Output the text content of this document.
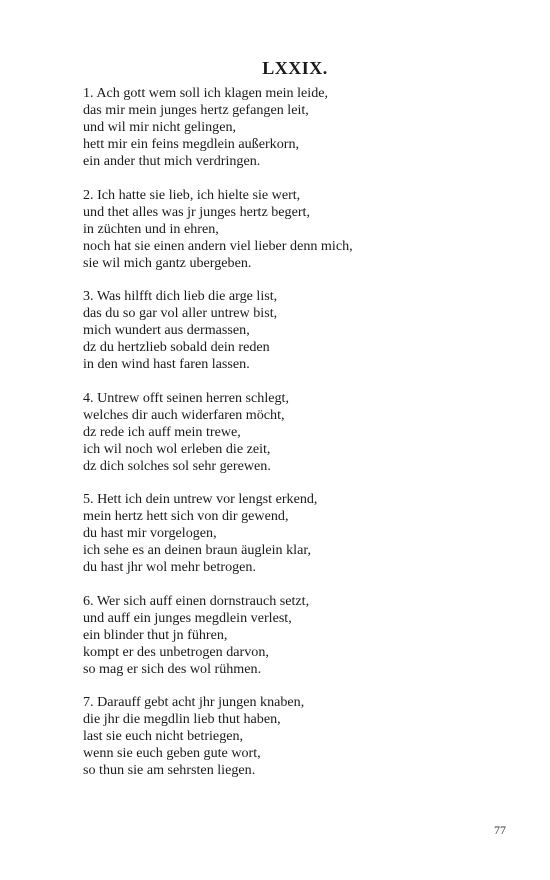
LXXIX.
1. Ach gott wem soll ich klagen mein leide,
das mir mein junges hertz gefangen leit,
und wil mir nicht gelingen,
hett mir ein feins megdlein außerkorn,
ein ander thut mich verdringen.
2. Ich hatte sie lieb, ich hielte sie wert,
und thet alles was jr junges hertz begert,
in züchten und in ehren,
noch hat sie einen andern viel lieber denn mich,
sie wil mich gantz ubergeben.
3. Was hilfft dich lieb die arge list,
das du so gar vol aller untrew bist,
mich wundert aus dermassen,
dz du hertzlieb sobald dein reden
in den wind hast faren lassen.
4. Untrew offt seinen herren schlegt,
welches dir auch widerfaren möcht,
dz rede ich auff mein trewe,
ich wil noch wol erleben die zeit,
dz dich solches sol sehr gerewen.
5. Hett ich dein untrew vor lengst erkend,
mein hertz hett sich von dir gewend,
du hast mir vorgelogen,
ich sehe es an deinen braun äuglein klar,
du hast jhr wol mehr betrogen.
6. Wer sich auff einen dornstrauch setzt,
und auff ein junges megdlein verlest,
ein blinder thut jn führen,
kompt er des unbetrogen darvon,
so mag er sich des wol rühmen.
7. Darauff gebt acht jhr jungen knaben,
die jhr die megdlin lieb thut haben,
last sie euch nicht betriegen,
wenn sie euch geben gute wort,
so thun sie am sehrsten liegen.
77
